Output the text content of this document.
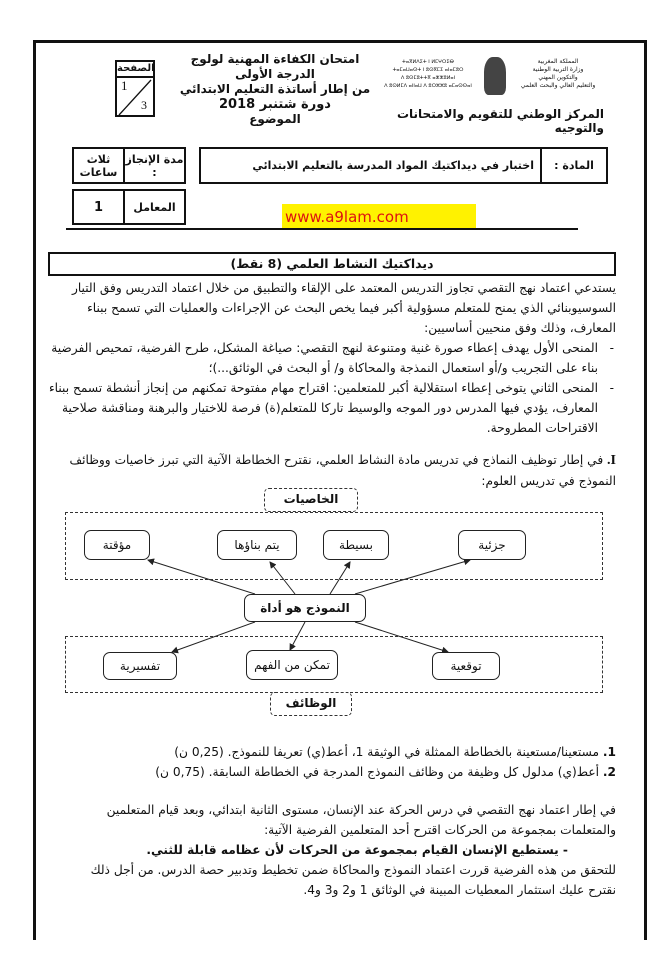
المملكة المغربية
وزارة التربية الوطنية
والتكوين المهني
والتعليم العالي والبحث العلمي
ⵜⴰⴳⵍⴷⵉⵜ ⵏ ⵍⵎⵖⵔⵉⴱ
ⵜⴰⵎⴰⵡⴰⵙⵜ ⵏ ⵓⵙⴳⵎⵉ ⴰⵏⴰⵎⵓⵔ
ⴷ ⵓⵙⵎⵓⵜⵜⴳ ⴰⵣⵣⵓⵍⴰⵏ
ⴷ ⵓⵙⵍⵎⴷ ⴰⵏⵏⴰⵡ ⴷ ⵓⵔⵣⵣⵓ ⴰⵎⴰⵙⵙⴰⵏ
المركز الوطني للتقويم والامتحانات والتوجيه
امتحان الكفاءة المهنية لولوج الدرجة الأولى
من إطار أساتذة التعليم الابتدائي
دورة شتنبر 2018
الموضوع
الصفحة
1
3
المادة :
اختبار في ديداكتيك المواد المدرسة بالتعليم الابتدائي
مدة الإنجاز :
ثلاث ساعات
المعامل
1
www.a9lam.com
ديداكتيك النشاط العلمي (8 نقط)
يستدعي اعتماد نهج التقصي تجاوز التدريس المعتمد على الإلقاء والتطبيق من خلال اعتماد التدريس وفق التيار السوسيوبنائي الذي يمنح للمتعلم مسؤولية أكبر فيما يخص البحث عن الإجراءات والعمليات التي تسمح ببناء المعارف، وذلك وفق منحيين أساسيين:
-
المنحى الأول يهدف إعطاء صورة غنية ومتنوعة لنهج التقصي: صياغة المشكل، طرح الفرضية، تمحيص الفرضية بناء على التجريب و/أو استعمال النمذجة والمحاكاة و/ أو البحث في الوثائق...)؛
-
المنحى الثاني يتوخى إعطاء استقلالية أكبر للمتعلمين: اقتراح مهام مفتوحة تمكنهم من إنجاز أنشطة تسمح ببناء المعارف، يؤدي فيها المدرس دور الموجه والوسيط تاركا للمتعلم(ة) فرصة للاختيار والبرهنة ومناقشة صلاحية الاقتراحات المطروحة.
I. في إطار توظيف النماذج في تدريس مادة النشاط العلمي، نقترح الخطاطة الآتية التي تبرز خاصيات ووظائف النموذج في تدريس العلوم:
الخاصيات
جزئية
بسيطة
يتم بناؤها
مؤقتة
النموذج هو أداة
توقعية
تمكن من الفهم
تفسيرية
الوظائف
1. مستعينا/مستعينة بالخطاطة الممثلة في الوثيقة 1، أعط(ي) تعريفا للنموذج. (0,25 ن)
2. أعط(ي) مدلول كل وظيفة من وظائف النموذج المدرجة في الخطاطة السابقة. (0,75 ن)
في إطار اعتماد نهج التقصي في درس الحركة عند الإنسان، مستوى الثانية ابتدائي، وبعد قيام المتعلمين والمتعلمات بمجموعة من الحركات اقترح أحد المتعلمين الفرضية الآتية:
- يستطيع الإنسان القيام بمجموعة من الحركات لأن عظامه قابلة للثني.
للتحقق من هذه الفرضية قررت اعتماد النموذج والمحاكاة ضمن تخطيط وتدبير حصة الدرس. من أجل ذلك نقترح عليك استثمار المعطيات المبينة في الوثائق 1 و2 و3 و4.
